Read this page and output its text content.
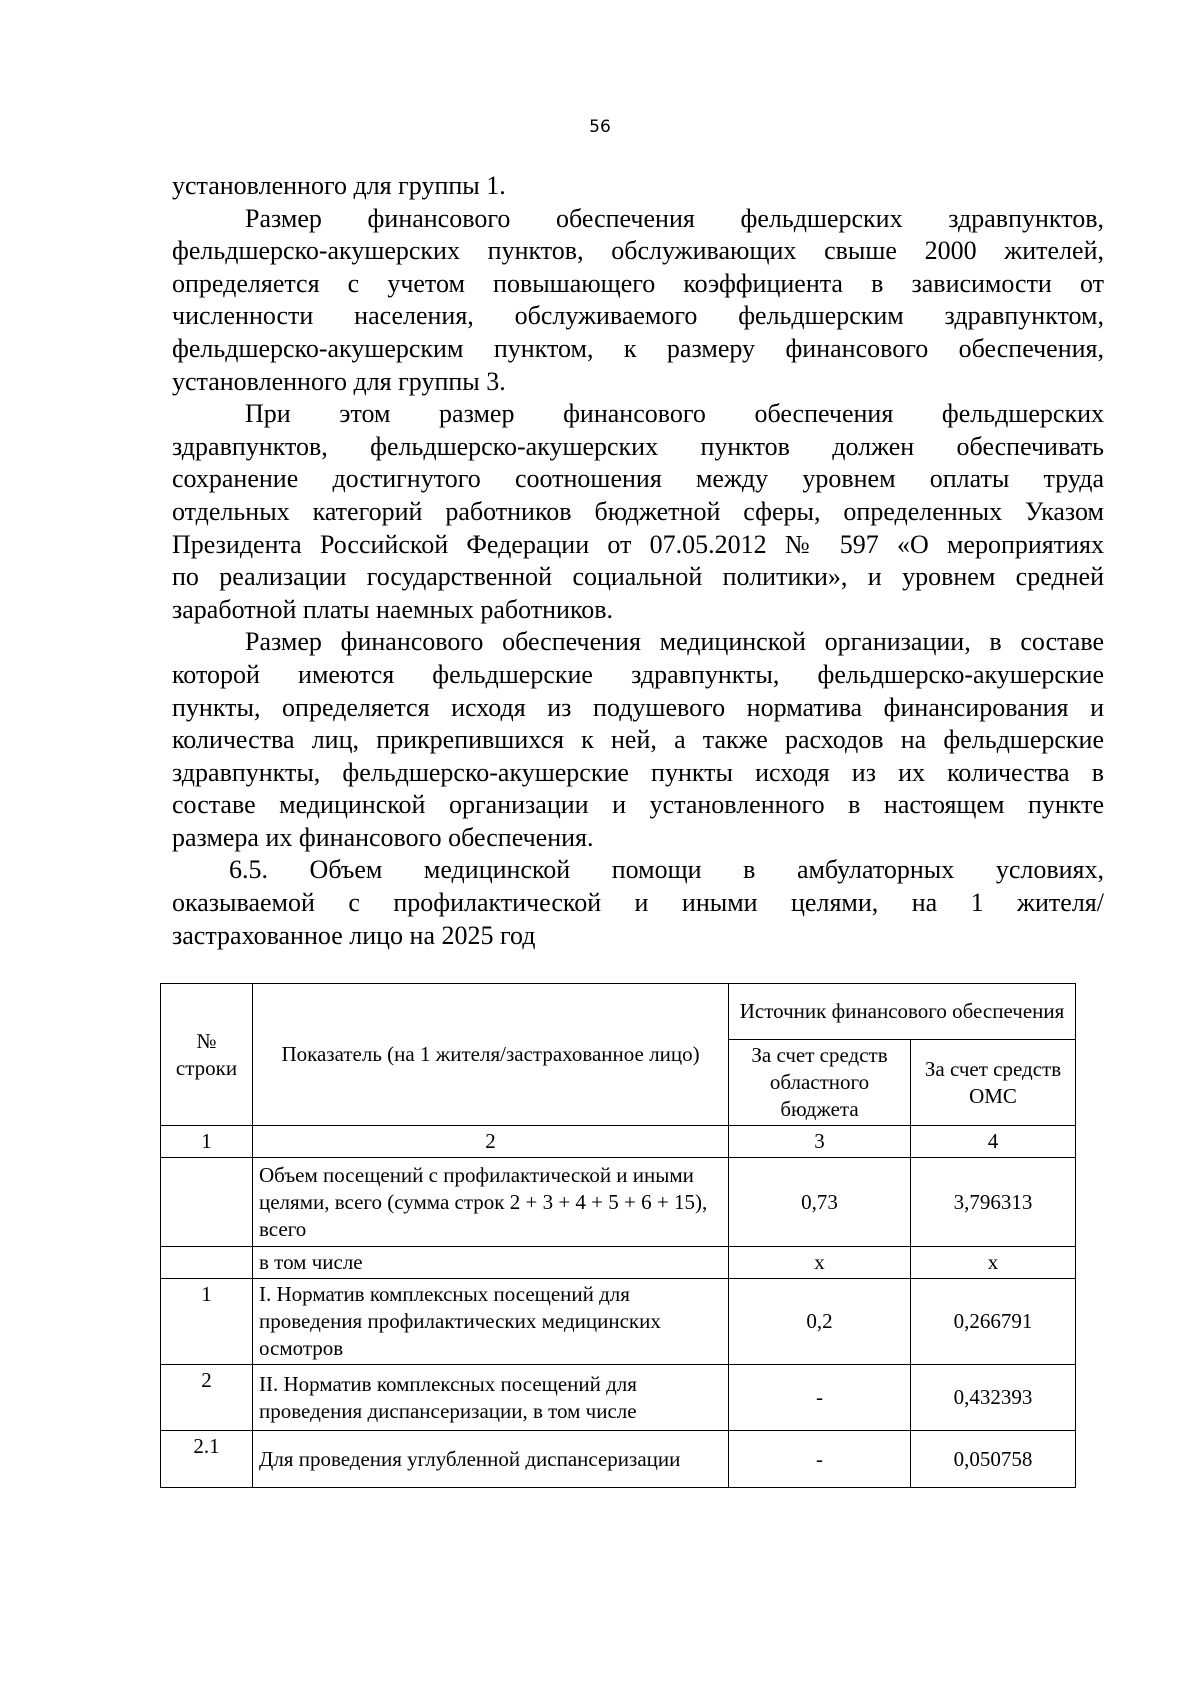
56
установленного для группы 1.
Размер финансового обеспечения фельдшерских здравпунктов,
фельдшерско-акушерских пунктов, обслуживающих свыше 2000 жителей,
определяется с учетом повышающего коэффициента в зависимости от
численности населения, обслуживаемого фельдшерским здравпунктом,
фельдшерско-акушерским пунктом, к размеру финансового обеспечения,
установленного для группы 3.
При этом размер финансового обеспечения фельдшерских
здравпунктов, фельдшерско-акушерских пунктов должен обеспечивать
сохранение достигнутого соотношения между уровнем оплаты труда
отдельных категорий работников бюджетной сферы, определенных Указом
Президента Российской Федерации от 07.05.2012 № 597 «О мероприятиях
по реализации государственной социальной политики», и уровнем средней
заработной платы наемных работников.
Размер финансового обеспечения медицинской организации, в составе
которой имеются фельдшерские здравпункты, фельдшерско-акушерские
пункты, определяется исходя из подушевого норматива финансирования и
количества лиц, прикрепившихся к ней, а также расходов на фельдшерские
здравпункты, фельдшерско-акушерские пункты исходя из их количества в
составе медицинской организации и установленного в настоящем пункте
размера их финансового обеспечения.
6.5. Объем медицинской помощи в амбулаторных условиях,
оказываемой с профилактической и иными целями, на 1 жителя/
застрахованное лицо на 2025 год
№ строки	Показатель (на 1 жителя/застрахованное лицо)	Источник финансового обеспечения	
		За счет средств областного бюджета	За счет средств ОМС
1	2	3	4
	Объем посещений с профилактической и иными целями, всего (сумма строк 2 + 3 + 4 + 5 + 6 + 15), всего	0,73	3,796313
	в том числе	х	х
1	I. Норматив комплексных посещений для проведения профилактических медицинских осмотров	0,2	0,266791
2	II. Норматив комплексных посещений для проведения диспансеризации, в том числе	-	0,432393
2.1	Для проведения углубленной диспансеризации	-	0,050758
